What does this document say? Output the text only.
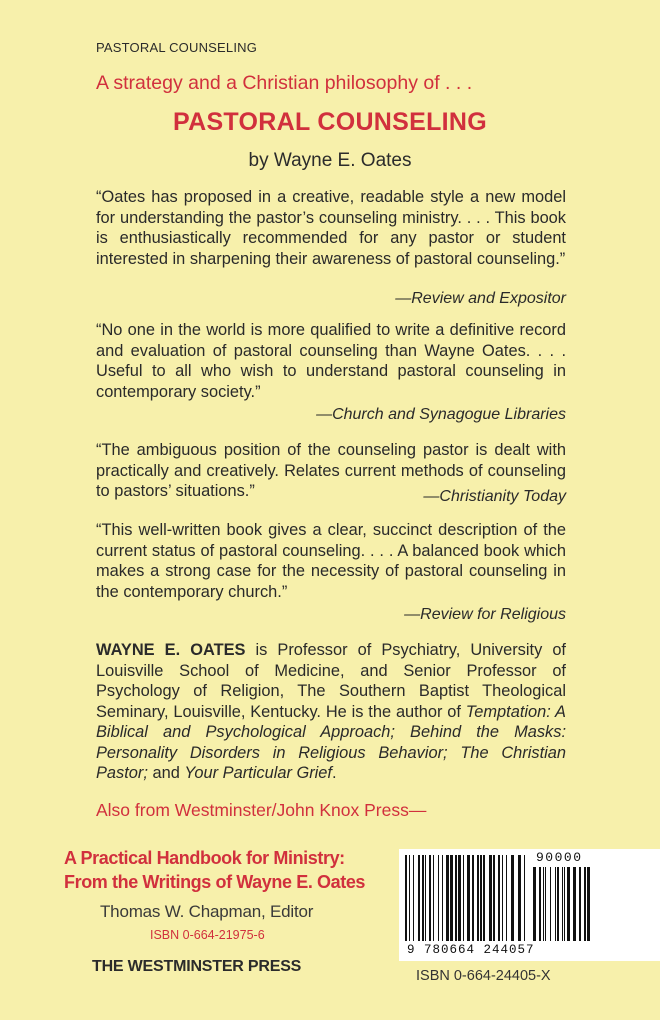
PASTORAL COUNSELING
A strategy and a Christian philosophy of . . .
PASTORAL COUNSELING
by Wayne E. Oates
“Oates has proposed in a creative, readable style a new model for understanding the pastor’s counseling ministry. . . . This book is enthusiastically recommended for any pastor or student interested in sharpening their awareness of pastoral counseling.”
—Review and Expositor
“No one in the world is more qualified to write a definitive record and evaluation of pastoral counseling than Wayne Oates. . . . Useful to all who wish to understand pastoral counseling in contemporary society.”
—Church and Synagogue Libraries
“The ambiguous position of the counseling pastor is dealt with practically and creatively. Relates current methods of counseling to pastors’ situations.”	—Christianity Today
“This well-written book gives a clear, succinct description of the current status of pastoral counseling. . . . A balanced book which makes a strong case for the necessity of pastoral counseling in the contemporary church.”
—Review for Religious
WAYNE E. OATES is Professor of Psychiatry, University of Louisville School of Medicine, and Senior Professor of Psychology of Religion, The Southern Baptist Theological Seminary, Louisville, Kentucky. He is the author of Temptation: A Biblical and Psychological Approach; Behind the Masks: Personality Disorders in Religious Behavior; The Christian Pastor; and Your Particular Grief.
Also from Westminster/John Knox Press—
A Practical Handbook for Ministry:
From the Writings of Wayne E. Oates
Thomas W. Chapman, Editor
ISBN 0-664-21975-6
THE WESTMINSTER PRESS
90000
9 780664 244057
ISBN 0-664-24405-X
